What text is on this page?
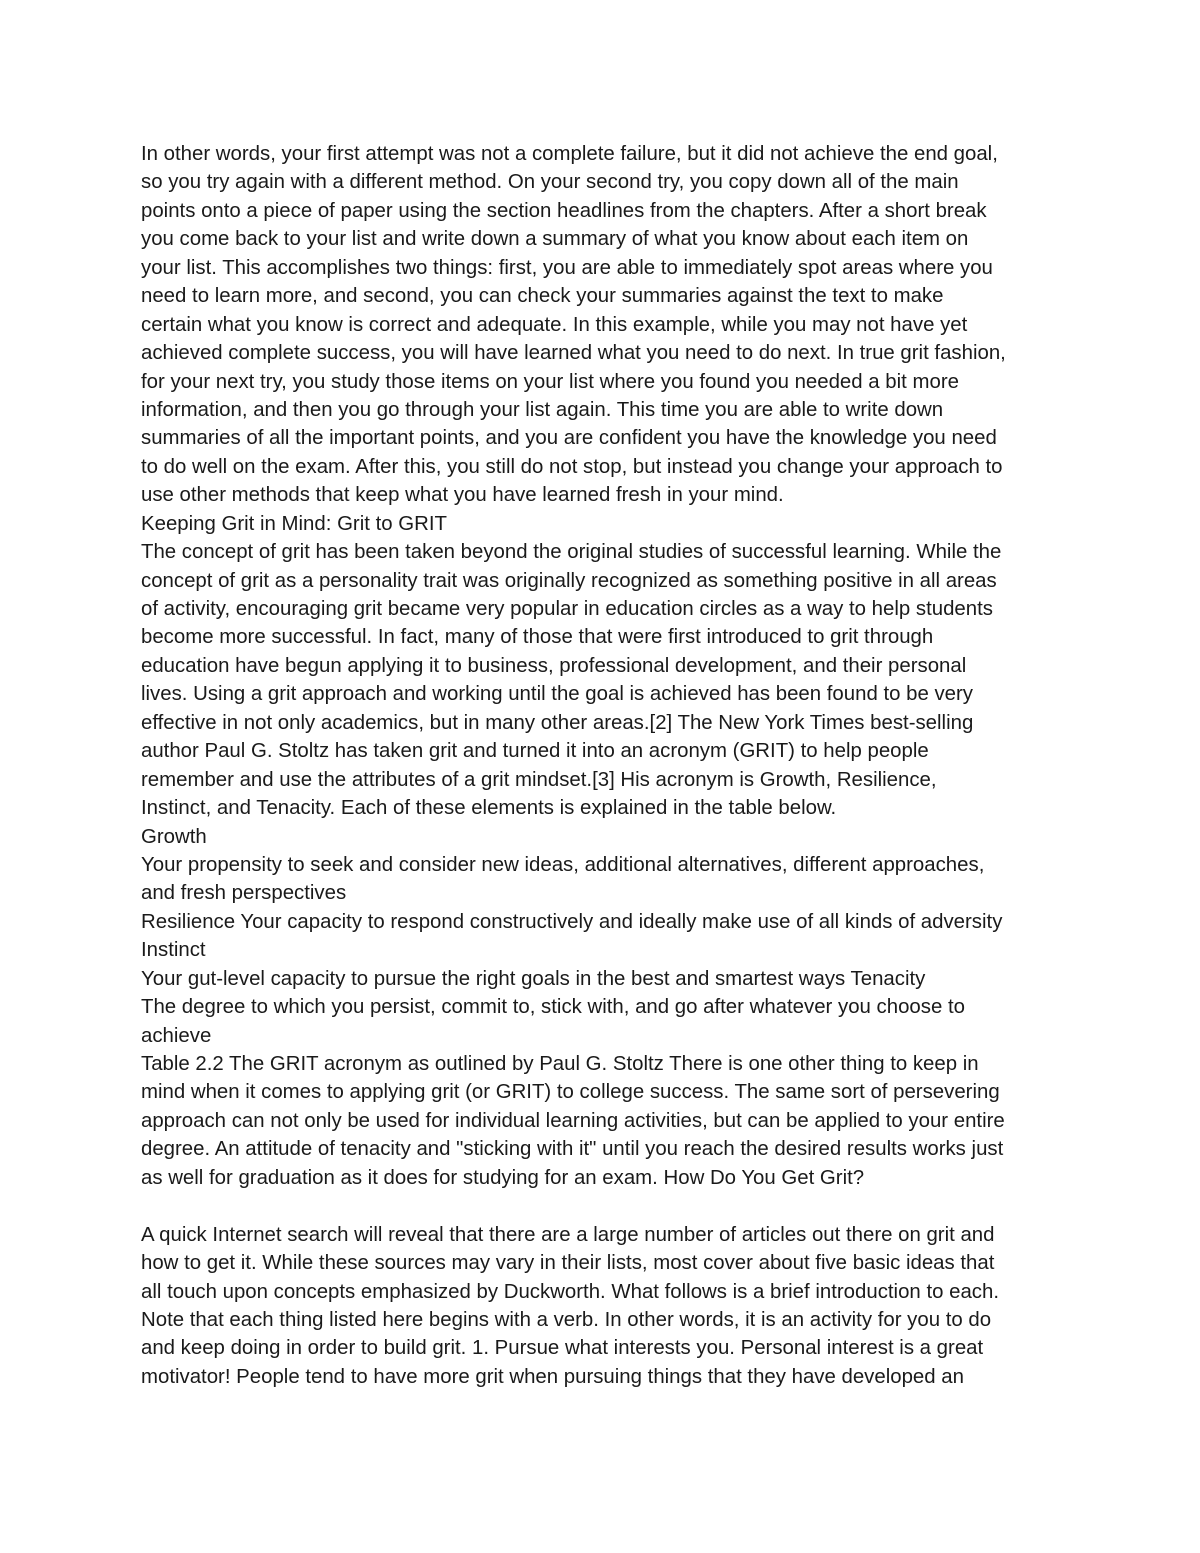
In other words, your first attempt was not a complete failure, but it did not achieve the end goal,
so you try again with a different method. On your second try, you copy down all of the main
points onto a piece of paper using the section headlines from the chapters. After a short break
you come back to your list and write down a summary of what you know about each item on
your list. This accomplishes two things: first, you are able to immediately spot areas where you
need to learn more, and second, you can check your summaries against the text to make
certain what you know is correct and adequate. In this example, while you may not have yet
achieved complete success, you will have learned what you need to do next. In true grit fashion,
for your next try, you study those items on your list where you found you needed a bit more
information, and then you go through your list again. This time you are able to write down
summaries of all the important points, and you are confident you have the knowledge you need
to do well on the exam. After this, you still do not stop, but instead you change your approach to
use other methods that keep what you have learned fresh in your mind.
Keeping Grit in Mind: Grit to GRIT
The concept of grit has been taken beyond the original studies of successful learning. While the
concept of grit as a personality trait was originally recognized as something positive in all areas
of activity, encouraging grit became very popular in education circles as a way to help students
become more successful. In fact, many of those that were first introduced to grit through
education have begun applying it to business, professional development, and their personal
lives. Using a grit approach and working until the goal is achieved has been found to be very
effective in not only academics, but in many other areas.[2] The New York Times best-selling
author Paul G. Stoltz has taken grit and turned it into an acronym (GRIT) to help people
remember and use the attributes of a grit mindset.[3] His acronym is Growth, Resilience,
Instinct, and Tenacity. Each of these elements is explained in the table below.
Growth
Your propensity to seek and consider new ideas, additional alternatives, different approaches,
and fresh perspectives
Resilience Your capacity to respond constructively and ideally make use of all kinds of adversity
Instinct
Your gut-level capacity to pursue the right goals in the best and smartest ways Tenacity
The degree to which you persist, commit to, stick with, and go after whatever you choose to
achieve
Table 2.2 The GRIT acronym as outlined by Paul G. Stoltz There is one other thing to keep in
mind when it comes to applying grit (or GRIT) to college success. The same sort of persevering
approach can not only be used for individual learning activities, but can be applied to your entire
degree. An attitude of tenacity and "sticking with it" until you reach the desired results works just
as well for graduation as it does for studying for an exam. How Do You Get Grit?
A quick Internet search will reveal that there are a large number of articles out there on grit and
how to get it. While these sources may vary in their lists, most cover about five basic ideas that
all touch upon concepts emphasized by Duckworth. What follows is a brief introduction to each.
Note that each thing listed here begins with a verb. In other words, it is an activity for you to do
and keep doing in order to build grit. 1. Pursue what interests you. Personal interest is a great
motivator! People tend to have more grit when pursuing things that they have developed an
